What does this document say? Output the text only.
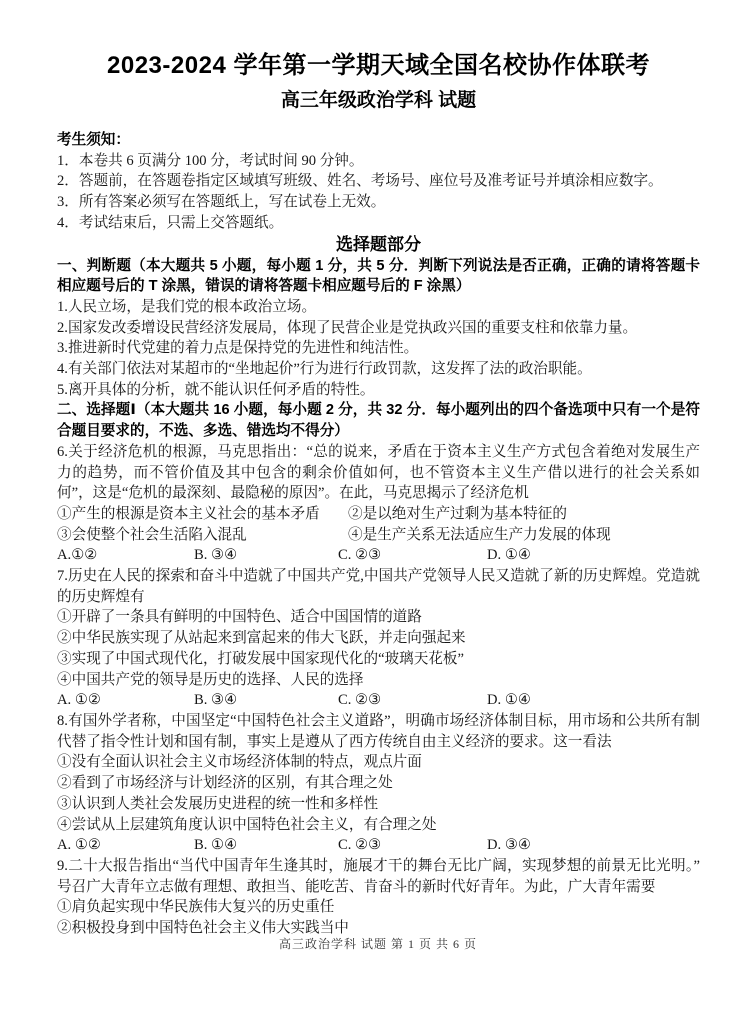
2023-2024 学年第一学期天域全国名校协作体联考
高三年级政治学科 试题
考生须知：
1．本卷共 6 页满分 100 分，考试时间 90 分钟。
2．答题前，在答题卷指定区域填写班级、姓名、考场号、座位号及准考证号并填涂相应数字。
3．所有答案必须写在答题纸上，写在试卷上无效。
4．考试结束后，只需上交答题纸。
选择题部分
一、判断题（本大题共 5 小题，每小题 1 分，共 5 分．判断下列说法是否正确，正确的请将答题卡相应题号后的 T 涂黑，错误的请将答题卡相应题号后的 F 涂黑）
1.人民立场，是我们党的根本政治立场。
2.国家发改委增设民营经济发展局，体现了民营企业是党执政兴国的重要支柱和依靠力量。
3.推进新时代党建的着力点是保持党的先进性和纯洁性。
4.有关部门依法对某超市的“坐地起价”行为进行行政罚款，这发挥了法的政治职能。
5.离开具体的分析，就不能认识任何矛盾的特性。
二、选择题Ⅰ（本大题共 16 小题，每小题 2 分，共 32 分．每小题列出的四个备选项中只有一个是符合题目要求的，不选、多选、错选均不得分）
6.关于经济危机的根源，马克思指出：“总的说来，矛盾在于资本主义生产方式包含着绝对发展生产力的趋势，而不管价值及其中包含的剩余价值如何，也不管资本主义生产借以进行的社会关系如何”，这是“危机的最深刻、最隐秘的原因”。在此，马克思揭示了经济危机
①产生的根源是资本主义社会的基本矛盾 ②是以绝对生产过剩为基本特征的
③会使整个社会生活陷入混乱	④是生产关系无法适应生产力发展的体现
A.①②	B. ③④	C. ②③	D. ①④
7.历史在人民的探索和奋斗中造就了中国共产党,中国共产党领导人民又造就了新的历史辉煌。党造就的历史辉煌有
①开辟了一条具有鲜明的中国特色、适合中国国情的道路
②中华民族实现了从站起来到富起来的伟大飞跃，并走向强起来
③实现了中国式现代化，打破发展中国家现代化的“玻璃天花板”
④中国共产党的领导是历史的选择、人民的选择
A. ①②	B. ③④	C. ②③	D. ①④
8.有国外学者称，中国坚定“中国特色社会主义道路”，明确市场经济体制目标，用市场和公共所有制代替了指令性计划和国有制，事实上是遵从了西方传统自由主义经济的要求。这一看法
①没有全面认识社会主义市场经济体制的特点，观点片面
②看到了市场经济与计划经济的区别，有其合理之处
③认识到人类社会发展历史进程的统一性和多样性
④尝试从上层建筑角度认识中国特色社会主义，有合理之处
A. ①②	B. ①④	C. ②③	D. ③④
9.二十大报告指出“当代中国青年生逢其时，施展才干的舞台无比广阔，实现梦想的前景无比光明。” 号召广大青年立志做有理想、敢担当、能吃苦、肯奋斗的新时代好青年。为此，广大青年需要
①肩负起实现中华民族伟大复兴的历史重任
②积极投身到中国特色社会主义伟大实践当中
高三政治学科 试题 第 1 页 共 6 页
